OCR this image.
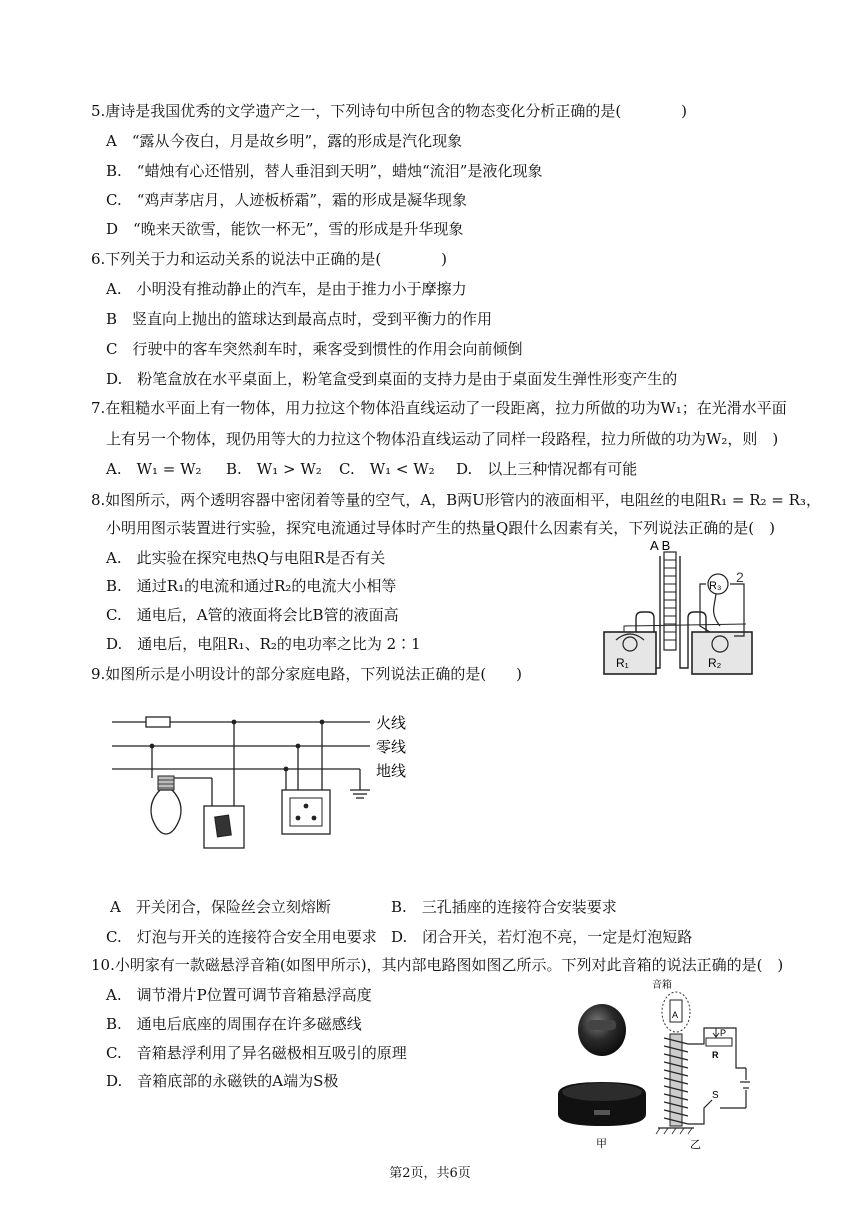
5.唐诗是我国优秀的文学遗产之一，下列诗句中所包含的物态变化分析正确的是(　　　　)
A　“露从今夜白，月是故乡明”，露的形成是汽化现象
B.　“蜡烛有心还惜别，替人垂泪到天明”，蜡烛“流泪”是液化现象
C.　“鸡声茅店月，人迹板桥霜”，霜的形成是凝华现象
D　“晚来天欲雪，能饮一杯无”，雪的形成是升华现象
6.下列关于力和运动关系的说法中正确的是(　　　　)
A.　小明没有推动静止的汽车，是由于推力小于摩擦力
B　竖直向上抛出的篮球达到最高点时，受到平衡力的作用
C　行驶中的客车突然刹车时，乘客受到惯性的作用会向前倾倒
D.　粉笔盒放在水平桌面上，粉笔盒受到桌面的支持力是由于桌面发生弹性形变产生的
7.在粗糙水平面上有一物体，用力拉这个物体沿直线运动了一段距离，拉力所做的功为W₁；在光滑水平面
上有另一个物体，现仍用等大的力拉这个物体沿直线运动了同样一段路程，拉力所做的功为W₂，则　)
A.　W₁ = W₂ B.　W₁ > W₂ C.　W₁ < W₂ D.　以上三种情况都有可能
8.如图所示，两个透明容器中密闭着等量的空气，A，B两U形管内的液面相平，电阻丝的电阻R₁ = R₂ = R₃，
小明用图示装置进行实验，探究电流通过导体时产生的热量Q跟什么因素有关，下列说法正确的是(　)
A.　此实验在探究电热Q与电阻R是否有关
B.　通过R₁的电流和通过R₂的电流大小相等
C.　通电后，A管的液面将会比B管的液面高
D.　通电后，电阻R₁、R₂的电功率之比为 2∶1
A B
R₁	R₂
R₃
2
9.如图所示是小明设计的部分家庭电路，下列说法正确的是(　　)
火线
零线
地线
A　开关闭合，保险丝会立刻熔断	B.　三孔插座的连接符合安装要求
C.　灯泡与开关的连接符合安全用电要求 D.　闭合开关，若灯泡不亮，一定是灯泡短路
10.小明家有一款磁悬浮音箱(如图甲所示)，其内部电路图如图乙所示。下列对此音箱的说法正确的是(　)
A.　调节滑片P位置可调节音箱悬浮高度
B.　通电后底座的周围存在许多磁感线
C.　音箱悬浮利用了异名磁极相互吸引的原理
D.　音箱底部的永磁铁的A端为S极
甲
音箱
A
P
R
S
乙
第2页，共6页
